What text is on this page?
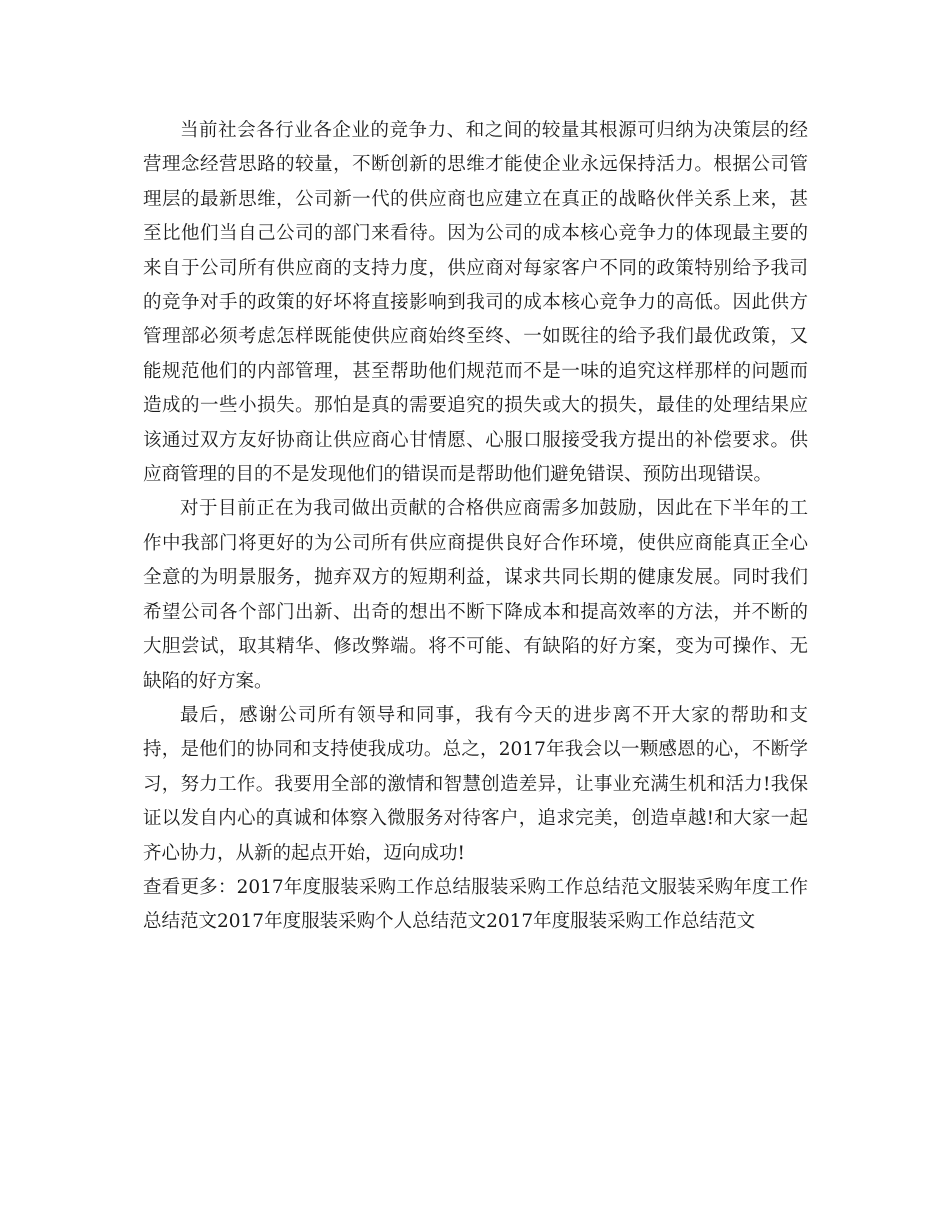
当前社会各行业各企业的竞争力、和之间的较量其根源可归纳为决策层的经营理念经营思路的较量，不断创新的思维才能使企业永远保持活力。根据公司管理层的最新思维，公司新一代的供应商也应建立在真正的战略伙伴关系上来，甚至比他们当自己公司的部门来看待。因为公司的成本核心竞争力的体现最主要的来自于公司所有供应商的支持力度，供应商对每家客户不同的政策特别给予我司的竞争对手的政策的好坏将直接影响到我司的成本核心竞争力的高低。因此供方管理部必须考虑怎样既能使供应商始终至终、一如既往的给予我们最优政策，又能规范他们的内部管理，甚至帮助他们规范而不是一味的追究这样那样的问题而造成的一些小损失。那怕是真的需要追究的损失或大的损失，最佳的处理结果应该通过双方友好协商让供应商心甘情愿、心服口服接受我方提出的补偿要求。供应商管理的目的不是发现他们的错误而是帮助他们避免错误、预防出现错误。

对于目前正在为我司做出贡献的合格供应商需多加鼓励，因此在下半年的工作中我部门将更好的为公司所有供应商提供良好合作环境，使供应商能真正全心全意的为明景服务，抛弃双方的短期利益，谋求共同长期的健康发展。同时我们希望公司各个部门出新、出奇的想出不断下降成本和提高效率的方法，并不断的大胆尝试，取其精华、修改弊端。将不可能、有缺陷的好方案，变为可操作、无缺陷的好方案。

最后，感谢公司所有领导和同事，我有今天的进步离不开大家的帮助和支持，是他们的协同和支持使我成功。总之，2017年我会以一颗感恩的心，不断学习，努力工作。我要用全部的激情和智慧创造差异，让事业充满生机和活力!我保证以发自内心的真诚和体察入微服务对待客户，追求完美，创造卓越!和大家一起齐心协力，从新的起点开始，迈向成功!

查看更多：2017年度服装采购工作总结服装采购工作总结范文服装采购年度工作总结范文2017年度服装采购个人总结范文2017年度服装采购工作总结范文
